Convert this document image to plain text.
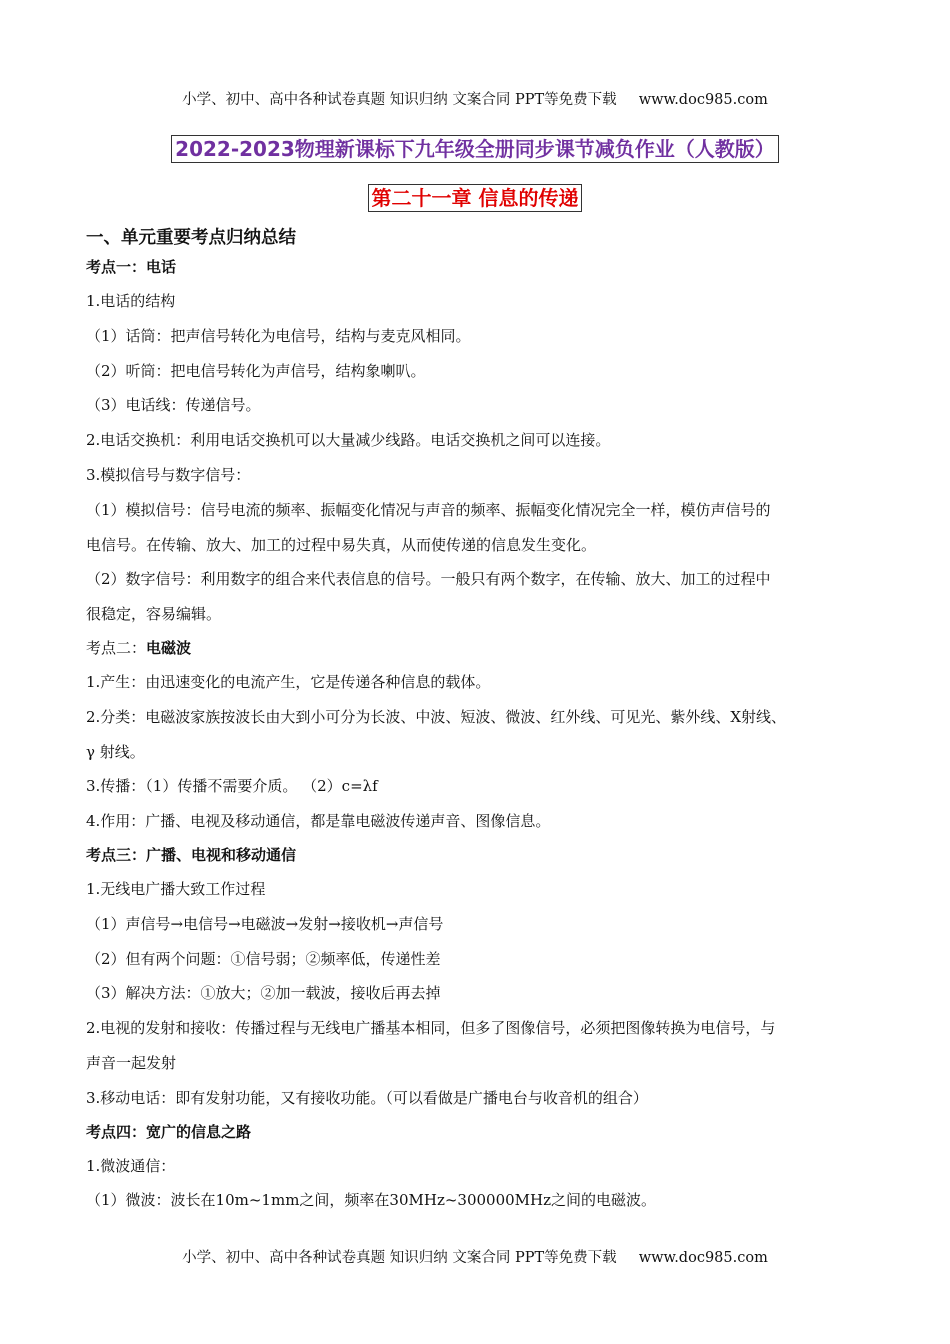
小学、初中、高中各种试卷真题 知识归纳 文案合同 PPT等免费下载 www.doc985.com
2022-2023物理新课标下九年级全册同步课节减负作业（人教版）
第二十一章 信息的传递
一、单元重要考点归纳总结
考点一：电话
1.电话的结构
（1）话筒：把声信号转化为电信号，结构与麦克风相同。
（2）听筒：把电信号转化为声信号，结构象喇叭。
（3）电话线：传递信号。
2.电话交换机：利用电话交换机可以大量减少线路。电话交换机之间可以连接。
3.模拟信号与数字信号：
（1）模拟信号：信号电流的频率、振幅变化情况与声音的频率、振幅变化情况完全一样，模仿声信号的
电信号。在传输、放大、加工的过程中易失真，从而使传递的信息发生变化。
（2）数字信号：利用数字的组合来代表信息的信号。一般只有两个数字，在传输、放大、加工的过程中
很稳定，容易编辑。
考点二：电磁波
1.产生：由迅速变化的电流产生，它是传递各种信息的载体。
2.分类：电磁波家族按波长由大到小可分为长波、中波、短波、微波、红外线、可见光、紫外线、X射线、
γ 射线。
3.传播：（1）传播不需要介质。 （2）c=λf
4.作用：广播、电视及移动通信，都是靠电磁波传递声音、图像信息。
考点三：广播、电视和移动通信
1.无线电广播大致工作过程
（1）声信号→电信号→电磁波→发射→接收机→声信号
（2）但有两个问题：①信号弱；②频率低，传递性差
（3）解决方法：①放大；②加一载波，接收后再去掉
2.电视的发射和接收：传播过程与无线电广播基本相同，但多了图像信号，必须把图像转换为电信号，与
声音一起发射
3.移动电话：即有发射功能，又有接收功能。（可以看做是广播电台与收音机的组合）
考点四：宽广的信息之路
1.微波通信：
（1）微波：波长在10m~1mm之间，频率在30MHz~300000MHz之间的电磁波。
小学、初中、高中各种试卷真题 知识归纳 文案合同 PPT等免费下载 www.doc985.com
